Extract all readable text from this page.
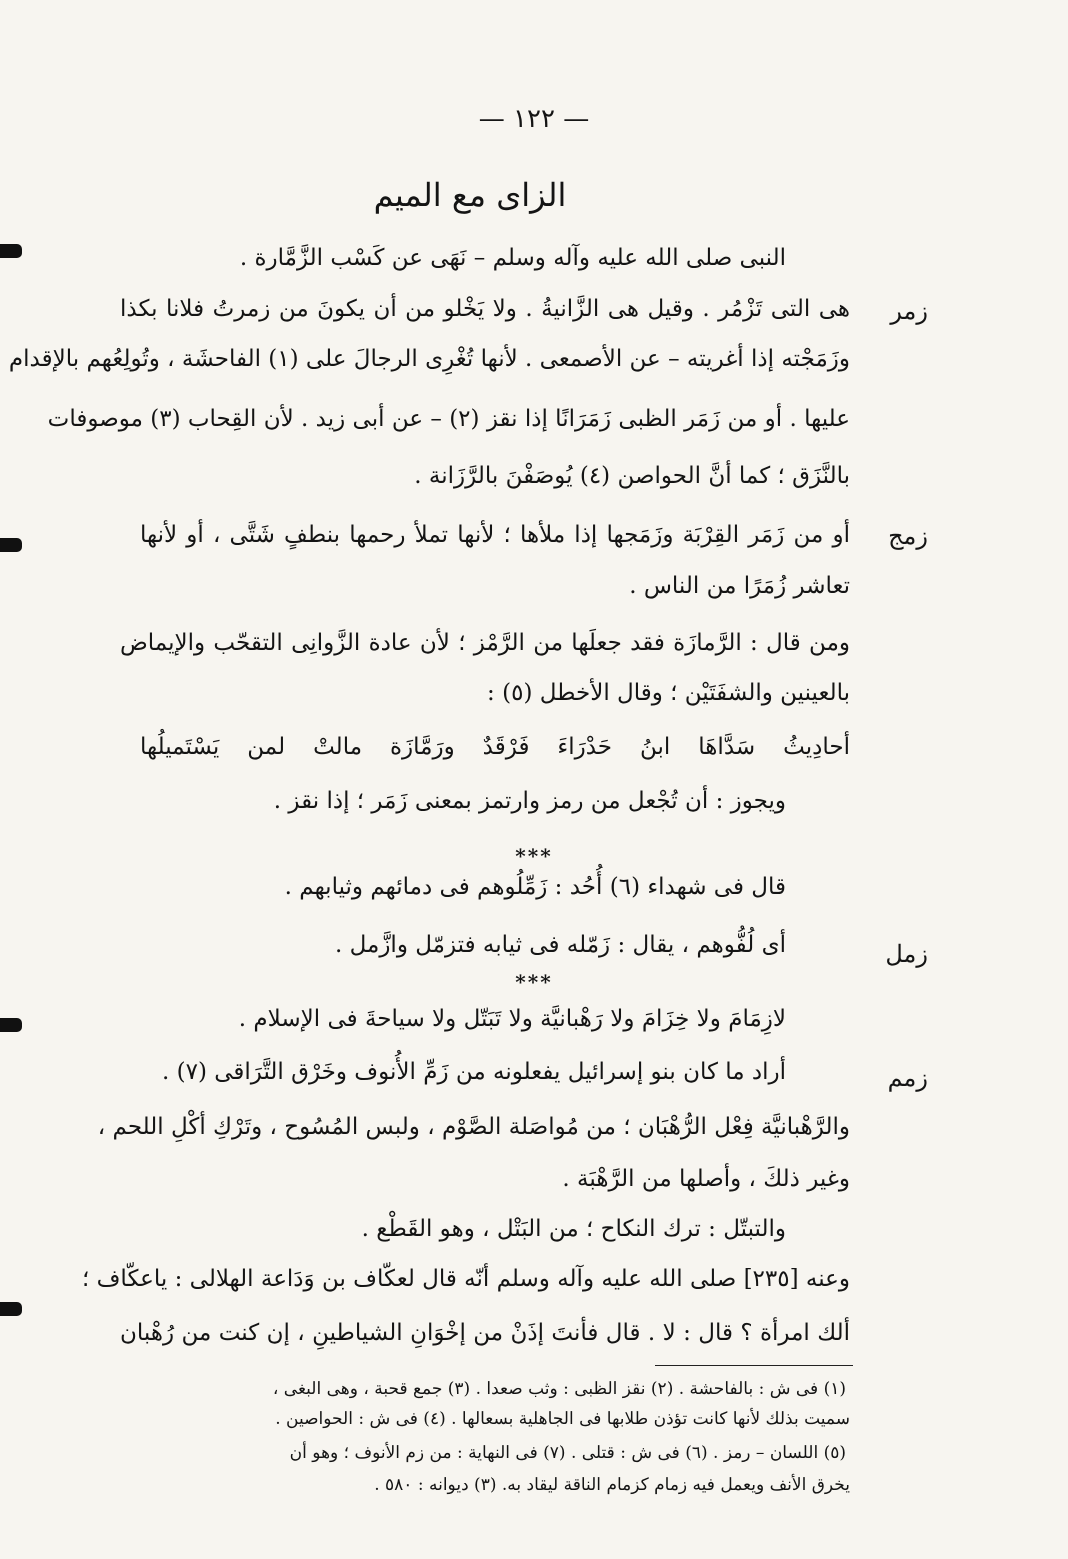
— ١٢٢ —
الزاى مع الميم
زمر
زمج
زمل
زمم
النبى صلى الله عليه وآله وسلم – نَهَى عن كَسْب الزَّمَّارة .
هى التى تَزْمُر . وقيل هى الزَّانيةُ . ولا يَخْلو من أن يكونَ من زمرتُ فلانا بكذا
وزَمَجْته إذا أغريته – عن الأصمعى . لأنها تُغْرِى الرجالَ على (١) الفاحشَة ، وتُولِعُهم بالإقدام
عليها . أو من زَمَر الظبى زَمَرَانًا إذا نقز (٢) – عن أبى زيد . لأن القِحاب (٣) موصوفات
بالنَّزَق ؛ كما أنَّ الحواصن (٤) يُوصَفْنَ بالرَّزَانة .
أو من زَمَر القِرْبَة وزَمَجها إذا ملأها ؛ لأنها تملأ رحمها بنطفٍ شَتَّى ، أو لأنها
تعاشر زُمَرًا من الناس .
ومن قال : الرَّمازَة فقد جعلَها من الرَّمْز ؛ لأن عادة الزَّوانِى التقحّب والإيماض
بالعينين والشفَتَيْن ؛ وقال الأخطل (٥) :
أحادِيثُ سَدَّاهَا ابنُ حَدْرَاءَ فَرْقَدٌ ورَمَّازَة مالتْ لمن يَسْتَميلُها
ويجوز : أن تُجْعل من رمز وارتمز بمعنى زَمَر ؛ إذا نقز .
***
قال فى شهداء (٦) أُحُد : زَمِّلُوهم فى دمائهم وثيابهم .
أى لُفُّوهم ، يقال : زَمّله فى ثيابه فتزمّل وازَّمل .
***
لازِمَامَ ولا خِزَامَ ولا رَهْبانيَّة ولا تَبَتّل ولا سياحةَ فى الإسلام .
أراد ما كان بنو إسرائيل يفعلونه من زَمِّ الأُنوف وخَرْق التَّرَاقى (٧) .
والرَّهْبانيَّة فِعْل الرُّهْبَان ؛ من مُواصَلة الصَّوْم ، ولبس المُسُوح ، وتَرْكِ أكْلِ اللحم ،
وغير ذلكَ ، وأصلها من الرَّهْبَة .
والتبتّل : ترك النكاح ؛ من البَتْل ، وهو القَطْع .
وعنه [٢٣٥] صلى الله عليه وآله وسلم أنّه قال لعكّاف بن وَدَاعة الهلالى : ياعكّاف ؛
ألك امرأة ؟ قال : لا . قال فأنتَ إذَنْ من إخْوَانِ الشياطينِ ، إن كنت من رُهْبان
(١) فى ش : بالفاحشة . (٢) نقز الظبى : وثب صعدا . (٣) جمع قحبة ، وهى البغى ،
سميت بذلك لأنها كانت تؤذن طلابها فى الجاهلية بسعالها . (٤) فى ش : الحواصين .
(٥) اللسان – رمز . (٦) فى ش : قتلى . (٧) فى النهاية : من زم الأنوف ؛ وهو أن
يخرق الأنف ويعمل فيه زمام كزمام الناقة ليقاد به. (٣) ديوانه : ٥٨٠ .
